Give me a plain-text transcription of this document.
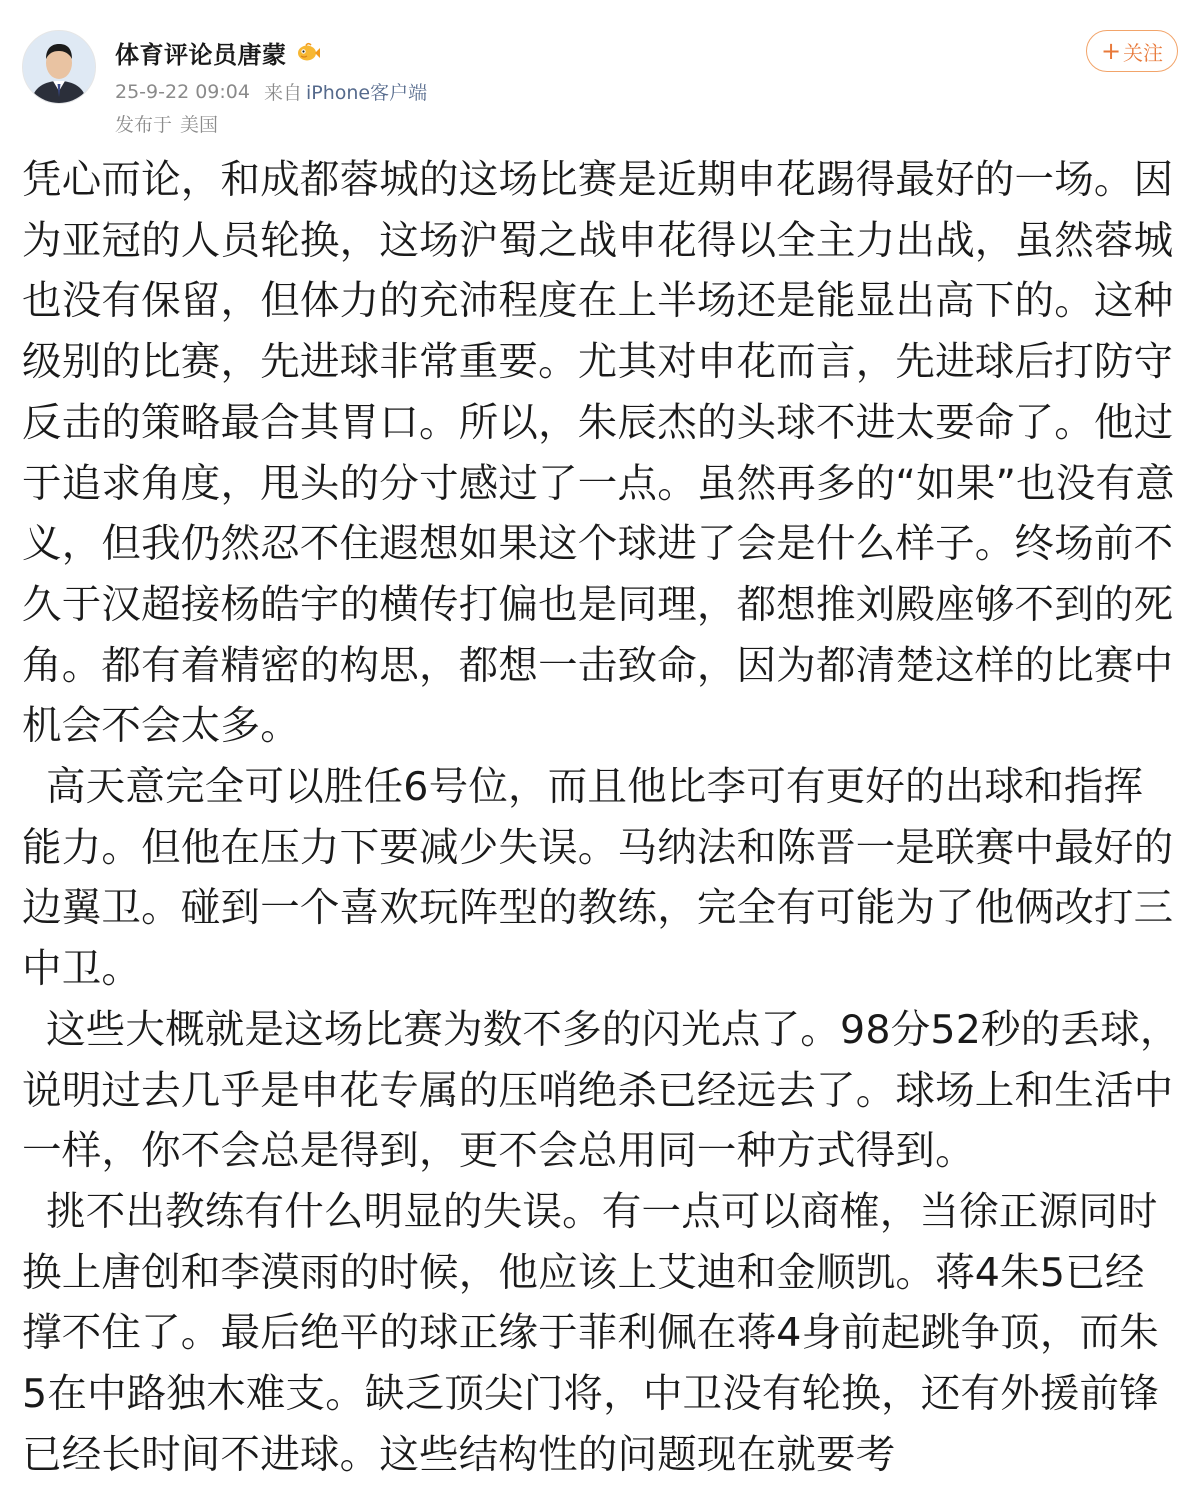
体育评论员唐蒙
25-9-22 09:04 来自 iPhone客户端
发布于 美国
+ 关注

凭心而论，和成都蓉城的这场比赛是近期申花踢得最好的一场。因为亚冠的人员轮换，这场沪蜀之战申花得以全主力出战，虽然蓉城也没有保留，但体力的充沛程度在上半场还是能显出高下的。这种级别的比赛，先进球非常重要。尤其对申花而言，先进球后打防守反击的策略最合其胃口。所以，朱辰杰的头球不进太要命了。他过于追求角度，甩头的分寸感过了一点。虽然再多的“如果”也没有意义，但我仍然忍不住遐想如果这个球进了会是什么样子。终场前不久于汉超接杨皓宇的横传打偏也是同理，都想推刘殿座够不到的死角。都有着精密的构思，都想一击致命，因为都清楚这样的比赛中机会不会太多。

高天意完全可以胜任6号位，而且他比李可有更好的出球和指挥能力。但他在压力下要减少失误。马纳法和陈晋一是联赛中最好的边翼卫。碰到一个喜欢玩阵型的教练，完全有可能为了他俩改打三中卫。

这些大概就是这场比赛为数不多的闪光点了。98分52秒的丢球，说明过去几乎是申花专属的压哨绝杀已经远去了。球场上和生活中一样，你不会总是得到，更不会总用同一种方式得到。

挑不出教练有什么明显的失误。有一点可以商榷，当徐正源同时换上唐创和李漠雨的时候，他应该上艾迪和金顺凯。蒋4朱5已经撑不住了。最后绝平的球正缘于菲利佩在蒋4身前起跳争顶，而朱5在中路独木难支。缺乏顶尖门将，中卫没有轮换，还有外援前锋已经长时间不进球。这些结构性的问题现在就要考
